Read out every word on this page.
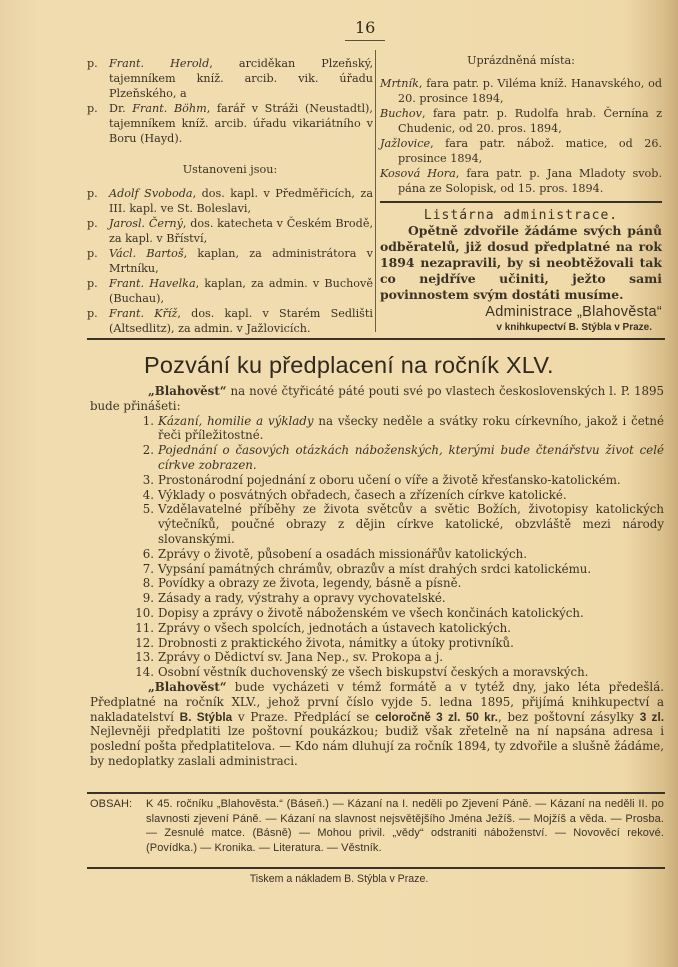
16
p. Frant. Herold, arciděkan Plzeňský, tajemníkem kníž. arcib. vik. úřadu Plzeňského, a
p. Dr. Frant. Böhm, farář v Stráži (Neustadtl), tajemníkem kníž. arcib. úřadu vikariátního v Boru (Hayd).
Ustanoveni jsou:
p. Adolf Svoboda, dos. kapl. v Předměřicích, za III. kapl. ve St. Boleslavi,
p. Jarosl. Černý, dos. katecheta v Českém Brodě, za kapl. v Bříství,
p. Václ. Bartoš, kaplan, za administrátora v Mrtníku,
p. Frant. Havelka, kaplan, za admin. v Buchově (Buchau),
p. Frant. Kříž, dos. kapl. v Starém Sedlišti (Altsedlitz), za admin. v Jažlovicích.
Uprázdněná místa:

Mrtník, fara patr. p. Viléma kníž. Hanavského, od 20. prosince 1894,

Buchov, fara patr. p. Rudolfa hrab. Černína z Chudenic, od 20. pros. 1894,

Jažlovice, fara patr. nábož. matice, od 26. prosince 1894,

Kosová Hora, fara patr. p. Jana Mladoty svob. pána ze Solopisk, od 15. pros. 1894.

Listárna administrace.
Opětně zdvořile žádáme svých pánů odběratelů, již dosud předplatné na rok 1894 nezapravili, by si neobtěžovali tak co nejdříve učiniti, ježto sami povinnostem svým dostáti musíme.
Administrace „Blahověsta“
v knihkupectví B. Stýbla v Praze.
Pozvání ku předplacení na ročník XLV.
„Blahověst“ na nové čtyřicáté páté pouti své po vlastech československých l. P. 1895 bude přinášeti:
1. Kázaní, homilie a výklady na všecky neděle a svátky roku církevního, jakož i četné řeči příležitostné.
2. Pojednání o časových otázkách náboženských, kterými bude čtenářstvu život celé církve zobrazen.
3. Prostonárodní pojednání z oboru učení o víře a životě křesťansko-katolickém.
4. Výklady o posvátných obřadech, časech a zřízeních církve katolické.
5. Vzdělavatelné příběhy ze života světcův a světic Božích, životopisy katolických výtečníků, poučné obrazy z dějin církve katolické, obzvláště mezi národy slovanskými.
6. Zprávy o životě, působení a osadách missionářův katolických.
7. Vypsání památných chrámův, obrazův a míst drahých srdci katolickému.
8. Povídky a obrazy ze života, legendy, básně a písně.
9. Zásady a rady, výstrahy a opravy vychovatelské.
10. Dopisy a zprávy o životě náboženském ve všech končinách katolických.
11. Zprávy o všech spolcích, jednotách a ústavech katolických.
12. Drobnosti z praktického života, námitky a útoky protivníků.
13. Zprávy o Dědictví sv. Jana Nep., sv. Prokopa a j.
14. Osobní věstník duchovenský ze všech biskupství českých a moravských.
„Blahověst“ bude vycházeti v témž formátě a v tytéž dny, jako léta předešlá. Předplatné na ročník XLV., jehož první číslo vyjde 5. ledna 1895, přijímá knihkupectví a nakladatelství B. Stýbla v Praze. Předplácí se celoročně 3 zl. 50 kr., bez poštovní zásylky 3 zl. Nejlevněji předplatiti lze poštovní poukázkou; budiž však zřetelně na ní napsána adresa i poslední pošta předplatitelova. — Kdo nám dluhují za ročník 1894, ty zdvořile a slušně žádáme, by nedoplatky zaslali administraci.
OBSAH:	K 45. ročníku „Blahověsta.“ (Báseň.) — Kázaní na I. neděli po Zjevení Páně. — Kázaní na neděli II. po slavnosti zjevení Páně. — Kázaní na slavnost nejsvětějšího Jména Ježíš. — Mojžíš a věda. — Prosba. — Zesnulé matce. (Básně) — Mohou privil. „vědy“ odstraniti náboženství. — Novověcí rekové. (Povídka.) — Kronika. — Literatura. — Věstník.
Tiskem a nákladem B. Stýbla v Praze.
